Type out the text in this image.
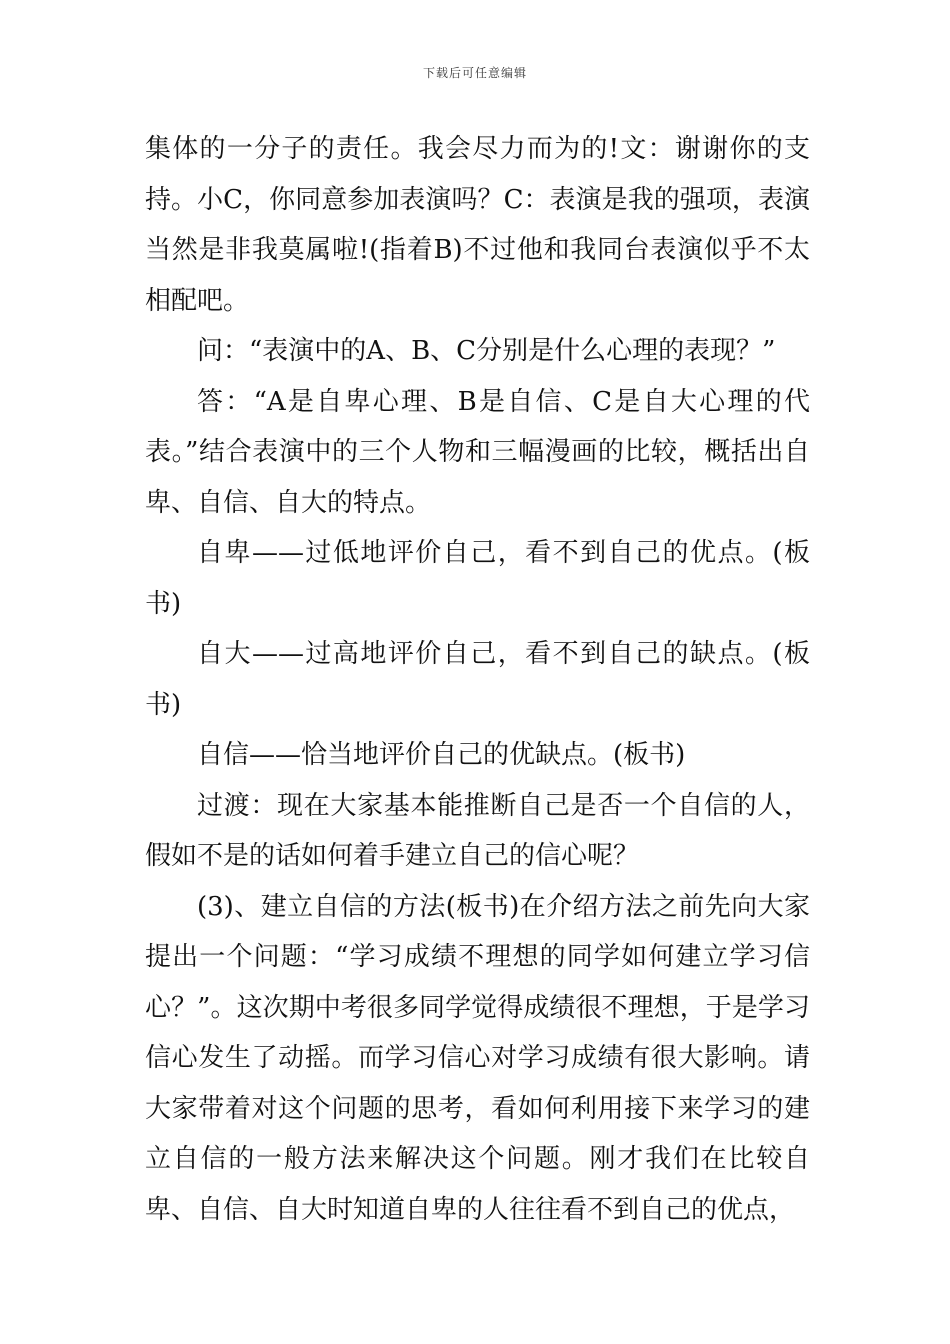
下载后可任意编辑

集体的一分子的责任。我会尽力而为的!文：谢谢你的支持。小C，你同意参加表演吗？C：表演是我的强项，表演当然是非我莫属啦!(指着B)不过他和我同台表演似乎不太相配吧。

问：“表演中的A、B、C分别是什么心理的表现？”

答：“A是自卑心理、B是自信、C是自大心理的代表。”结合表演中的三个人物和三幅漫画的比较，概括出自卑、自信、自大的特点。

自卑——过低地评价自己，看不到自己的优点。(板书)

自大——过高地评价自己，看不到自己的缺点。(板书)

自信——恰当地评价自己的优缺点。(板书)

过渡：现在大家基本能推断自己是否一个自信的人，假如不是的话如何着手建立自己的信心呢？

(3)、建立自信的方法(板书)在介绍方法之前先向大家提出一个问题：“学习成绩不理想的同学如何建立学习信心？”。这次期中考很多同学觉得成绩很不理想，于是学习信心发生了动摇。而学习信心对学习成绩有很大影响。请大家带着对这个问题的思考，看如何利用接下来学习的建立自信的一般方法来解决这个问题。刚才我们在比较自卑、自信、自大时知道自卑的人往往看不到自己的优点，
